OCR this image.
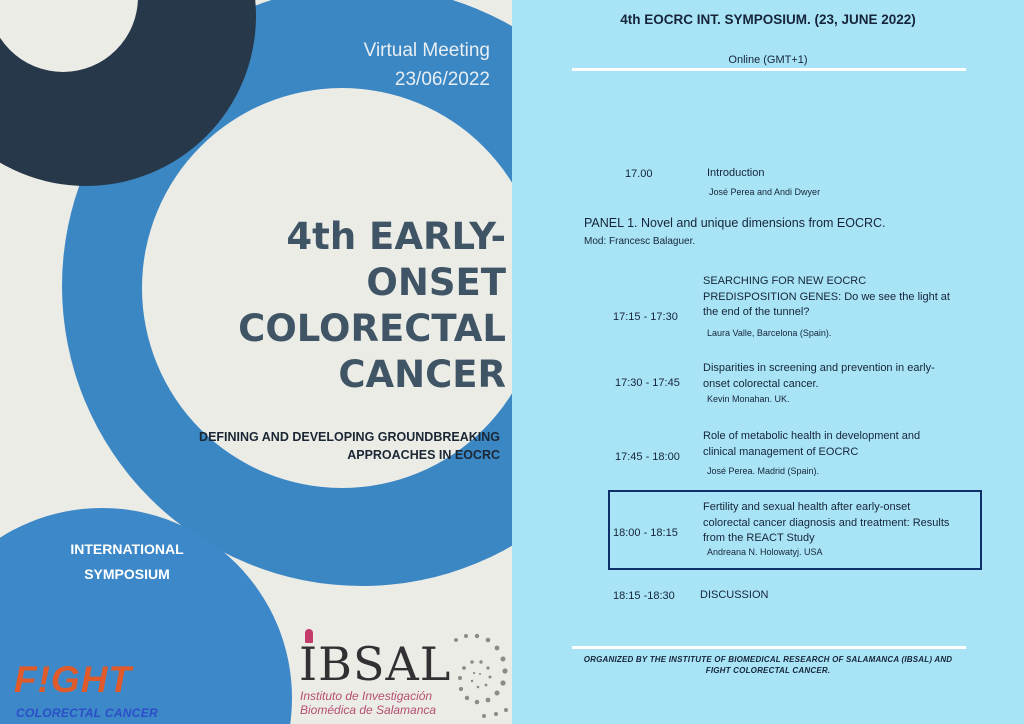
Virtual Meeting
23/06/2022
4th EARLY-
ONSET
COLORECTAL
CANCER
DEFINING AND DEVELOPING GROUNDBREAKING
APPROACHES IN EOCRC
INTERNATIONAL
SYMPOSIUM
F!GHT
COLORECTAL CANCER
IBSAL
Instituto de Investigación
Biomédica de Salamanca
4th EOCRC INT. SYMPOSIUM. (23, JUNE 2022)
Online (GMT+1)
17.00	Introduction
José Perea and Andi Dwyer
PANEL 1. Novel and unique dimensions from EOCRC.
Mod: Francesc Balaguer.
17:15 - 17:30
SEARCHING FOR NEW EOCRC
PREDISPOSITION GENES: Do we see the light at
the end of the tunnel?
Laura Valle, Barcelona (Spain).
17:30 - 17:45
Disparities in screening and prevention in early-
onset colorectal cancer.
Kevin Monahan. UK.
17:45 - 18:00
Role of metabolic health in development and
clinical management of EOCRC
José Perea. Madrid (Spain).
18:00 - 18:15
Fertility and sexual health after early-onset
colorectal cancer diagnosis and treatment: Results
from the REACT Study
Andreana N. Holowatyj. USA
18:15 -18:30 DISCUSSION
ORGANIZED BY THE INSTITUTE OF BIOMEDICAL RESEARCH OF SALAMANCA (IBSAL) AND
FIGHT COLORECTAL CANCER.
